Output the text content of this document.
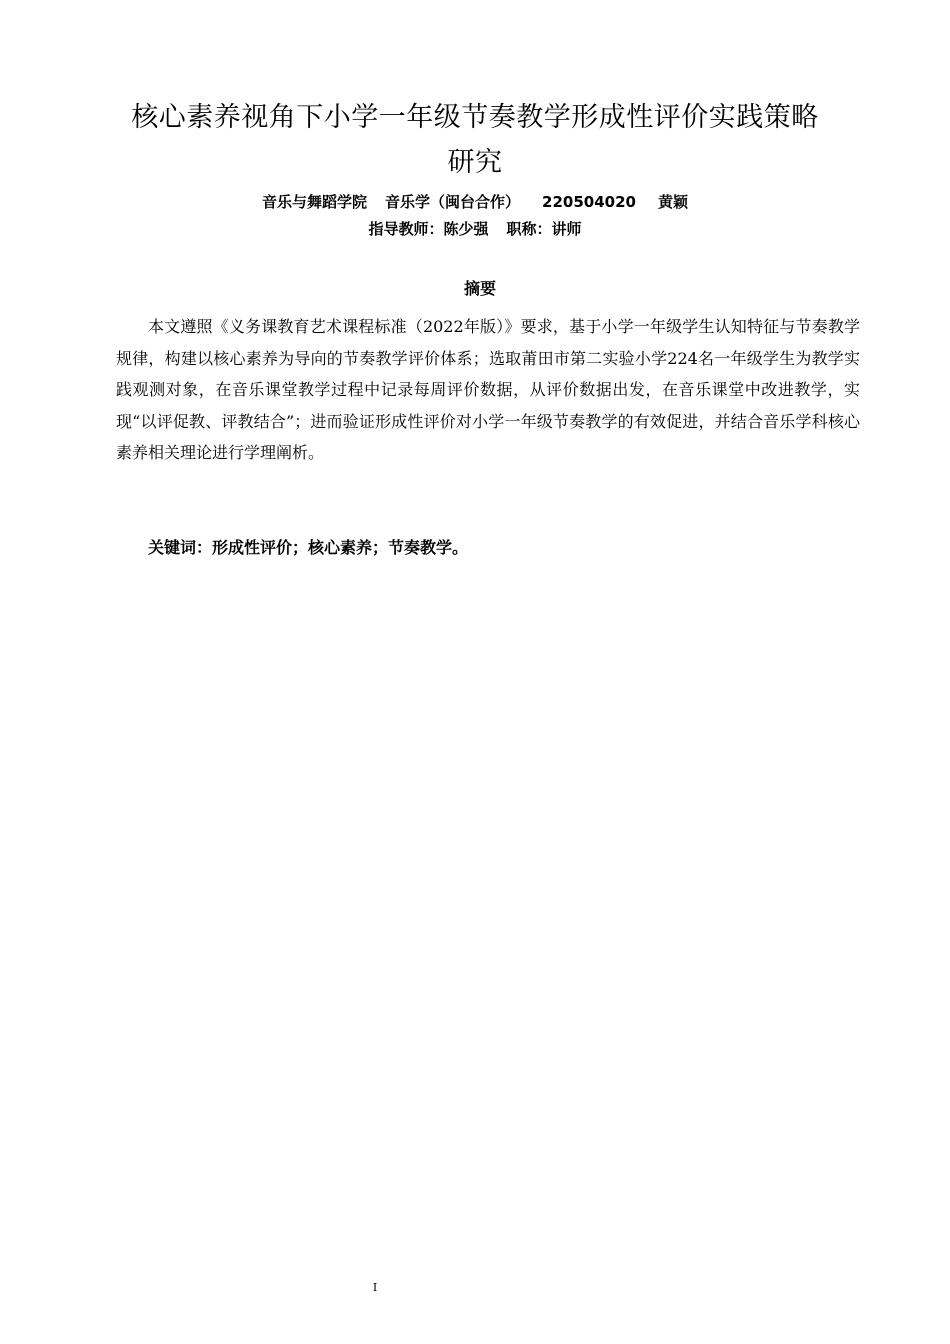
核心素养视角下小学一年级节奏教学形成性评价实践策略
研究
音乐与舞蹈学院 音乐学（闽台合作） 220504020 黄颖
指导教师：陈少强 职称：讲师
摘要

本文遵照《义务课教育艺术课程标准（2022年版）》要求，基于小学一年级学生认知特征与节奏教学规律，构建以核心素养为导向的节奏教学评价体系；选取莆田市第二实验小学224名一年级学生为教学实践观测对象，在音乐课堂教学过程中记录每周评价数据，从评价数据出发，在音乐课堂中改进教学，实现“以评促教、评教结合”；进而验证形成性评价对小学一年级节奏教学的有效促进，并结合音乐学科核心素养相关理论进行学理阐析。

关键词：形成性评价；核心素养；节奏教学。
I
